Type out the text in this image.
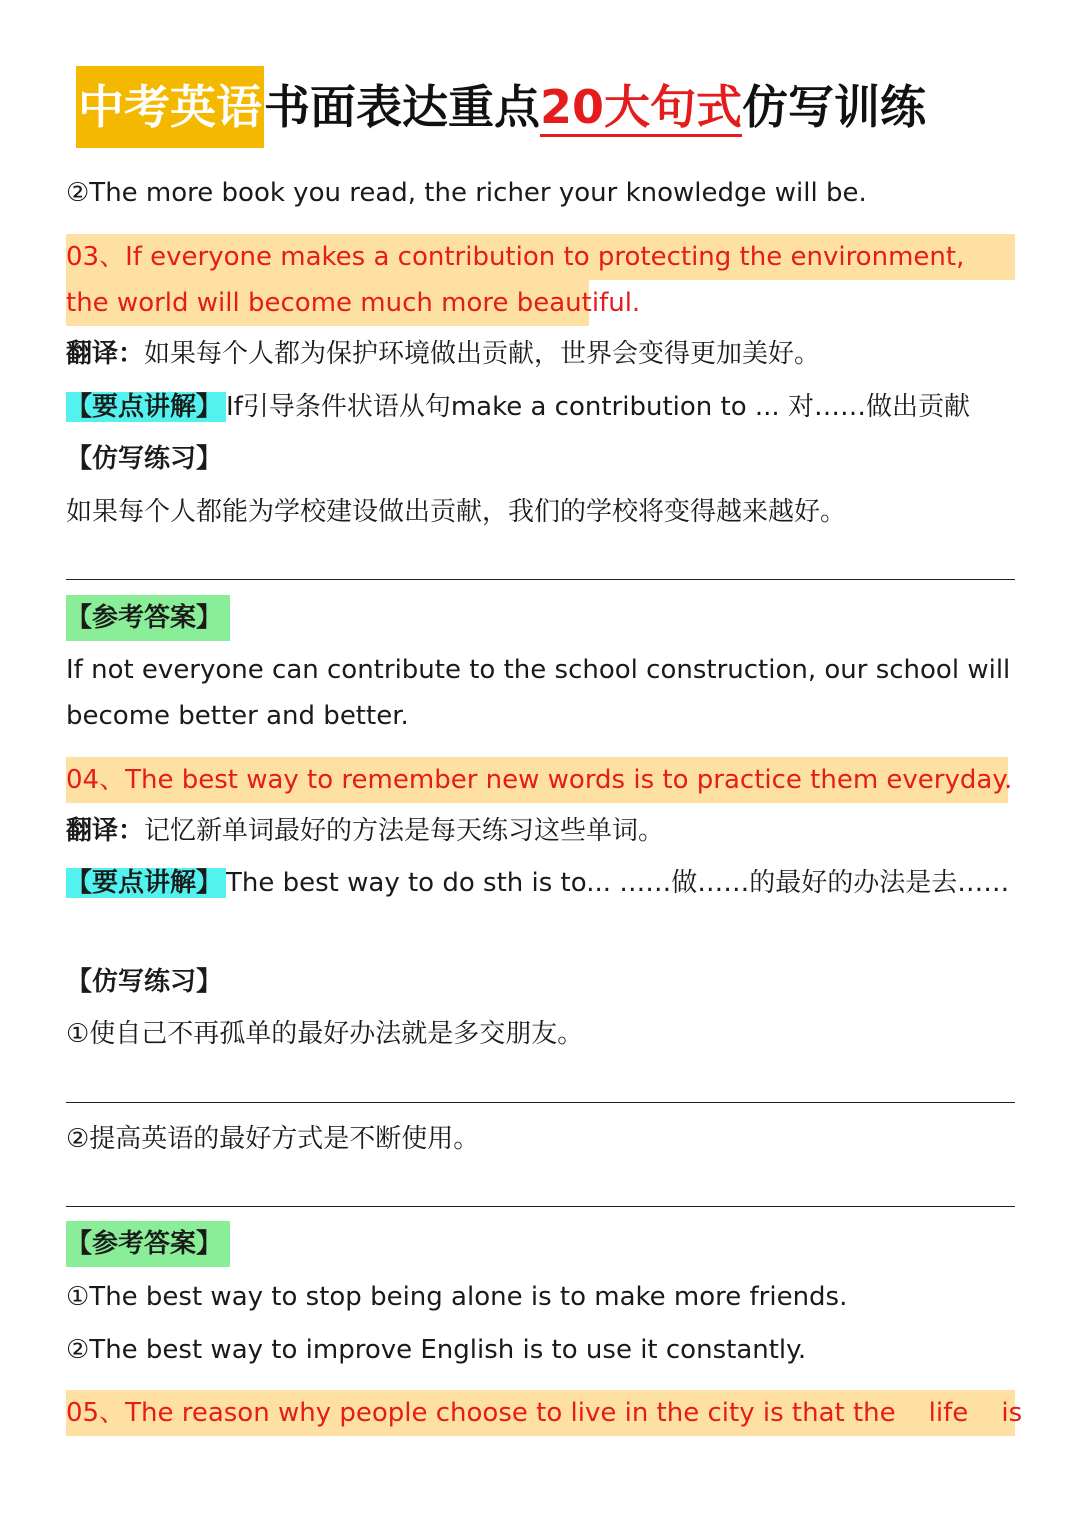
中考英语书面表达重点20大句式仿写训练
②The more book you read, the richer your knowledge will be.
03、If everyone makes a contribution to protecting the environment, the world will become much more beautiful.
翻译：如果每个人都为保护环境做出贡献，世界会变得更加美好。
【要点讲解】 If引导条件状语从句make a contribution to ... 对……做出贡献
【仿写练习】
如果每个人都能为学校建设做出贡献，我们的学校将变得越来越好。
【参考答案】
If not everyone can contribute to the school construction, our school will become better and better.
04、The best way to remember new words is to practice them everyday.
翻译：记忆新单词最好的方法是每天练习这些单词。
【要点讲解】 The best way to do sth is to... ……做……的最好的办法是去……
【仿写练习】
①使自己不再孤单的最好办法就是多交朋友。
②提高英语的最好方式是不断使用。
【参考答案】
①The best way to stop being alone is to make more friends.
②The best way to improve English is to use it constantly.
05、The reason why people choose to live in the city is that the    life    is
